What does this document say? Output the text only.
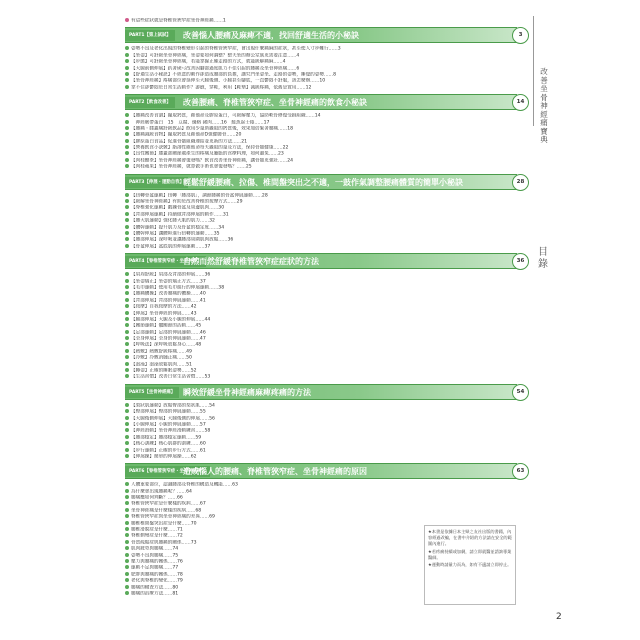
有這些症狀就是脊椎管狹窄症坐骨神經痛……1
PART1【第上試試】	改善惱人腰痛及麻痺不適，找回舒適生活的小秘訣	3
姿勢不良及老化出現的脊椎變形引起的脊椎管狹窄症，會出現什麼痛麻的症狀，甚至使人寸步難行……3
【坐姿】可舒緩坐骨神經痛，坐姿要如何調整？整天坐的辦公室族更需要注意……4
【步態】可舒緩坐骨神經痛，若能掌握正確走路的方式，就能緩解痛麻……4
【大腿前側伸展】趴著硬弓改善因腳部過度肌力不佳引起的腰痛及坐骨神經痛……6
【舒適生活小秘訣】不經意的動作卻造成腰部的負擔，講究門坐姿坐、走路的姿勢，睡覺的姿勢……8
【坐骨神經痛】疼痛部位會延伸至大腿後側、小腿甚至腳底，一直鬱悶不舒服，該怎麼辦……10
掌不住卻鬱悶於日常生活動作？游戲，穿鞋，利用【鞋墊】減緩疼痛，依舊是實用……12
PART2【飲食改善】	改善腰痛、脊椎管狹窄症、坐骨神經痛的飲食小秘訣	14
【腰痛改善食譜】攝取鈣質，維他命及膠原蛋白，可緩解壓力，協助軟骨修復受損組織……14
　神經韌帶蛋白　15　豆腐、優格 豬肉……16　鮭魚起士捲……17
【腰痛・膝蓋痛舒緩飲品】飲用少量助攝取的鈣質後，效果加倍緊著腰痛……18
【腰痛減緩食物】攝取鈣質及維他命D強健腰骨……20
【膠原蛋白食品】促進骨骼組織連結並更新的方法……21
【營養飲食小訣竅】脂溶性維他命每天攝取的量及方法，保持骨骼健康……22
【良性關節】膝蓋部關節處產生的疼痛及腫脹的食療料理，如何避免……23
【肉桂醋茶】坐骨神經痛會復發嗎？飲食改善坐骨神經痛，讓骨骼更強壯……24
【肉桂蘋果】坐骨神經痛，就算做手術也會復發嗎？……25
PART3【伸展・運動自我】 輕鬆舒緩腰痛、拉傷、椎間盤突出之不適，一鼓作氣調整腰痛體質的簡單小秘訣	28
【扭轉骨盆運動】扭轉「腰部肌」，調節腰痛的骨盆伸展運動……28
【緩解坐骨神經痛】有助於改善脊椎的按摩方式……29
【脊椎強化運動】鍛鍊骨盆及周邊肌肉……30
【背部伸展運動】持續做背部伸展的動作……31
【腰大肌運動】強化腰大肌的肌力……32
【體幹運動】提升肌力及骨盆的穩定度……34
【體幹伸展】讓體幹進行扭轉的運動……35
【腰部伸展】深呼吸並讓腰部周圍肌肉放鬆……36
【骨盆伸展】盆底肌的伸展運動……37
PART4【脊椎管狹窄症・坐骨神經】
自然而然舒緩脊椎管狹窄症症狀的方法	36
【肩周舒緩】肩部及背部的伸展……36
【坐姿矯正】坐姿的矯正方式……37
【毛巾運動】使用毛巾進行的伸展運動……38
【腰痛體操】改善腰痛的體操……40
【背部伸展】背部的伸展運動……41
【按摩】自我按摩的方法……42
【伸展】坐骨神經的伸展……43
【腿部伸展】大腿及小腿的伸展……44
【關節運動】髖關節的活動……45
【足部運動】足部的伸展運動……46
【全身伸展】全身的伸展運動……47
【呼吸法】深呼吸放鬆身心……48
【熱敷】熱敷舒緩疼痛……49
【冷敷】冷敷消腫止痛……50
【泡澡】泡澡放鬆肌肉……51
【睡姿】正確的睡眠姿勢……52
【生活習慣】改善日常生活習慣……53
PART5【坐骨神經痛】 瞬效舒緩坐骨神經痛麻痺疼痛的方法	54
【梨狀肌運動】放鬆臀部的梨狀肌……54
【臀部伸展】臀部的伸展運動……55
【大腿後側伸展】大腿後側的伸展……56
【小腿伸展】小腿的伸展運動……57
【神經滑動】坐骨神經滑動練習……58
【腰部穩定】腰部穩定運動……59
【核心訓練】核心肌群的訓練……60
【步行運動】正確的步行方式……61
【伸展操】簡單的伸展操……62
PART6【脊椎管狹窄症・坐骨神經痛】
造成惱人的腰痛、脊椎管狹窄症、坐骨神經痛的原因	63
人體重要部位，認識腰部及脊椎的構造及機能……63
為什麼會出現腰痛呢？……64
腰痛應如何判斷？……66
脊椎管狹窄症是什麼樣的疾病……67
坐骨神經痛是什麼樣的疾病……68
脊椎管狹窄症與坐骨神經痛的差異……69
腰椎椎間盤突出症是什麼……70
腰椎滑脫症是什麼……71
脊椎側彎症是什麼……72
骨質疏鬆症與腰痛的關係……73
肌肉疲勞與腰痛……74
姿勢不良與腰痛……75
壓力與腰痛的關係……76
運動不足與腰痛……77
肥胖與腰痛的關係……78
老化與脊椎的變化……79
腰痛的檢查方法……80
腰痛的治療方法……81
改善坐骨神經痛　寶典
目錄
2

★本書是依據日本主婦之友社出版的書籍，內容經過改編，在書中介紹的方法請在安全的範圍內進行。

★若疼痛持續或加劇，請立即就醫並諮詢專業醫師。

★運動時請量力而為，如有不適請立即停止。
